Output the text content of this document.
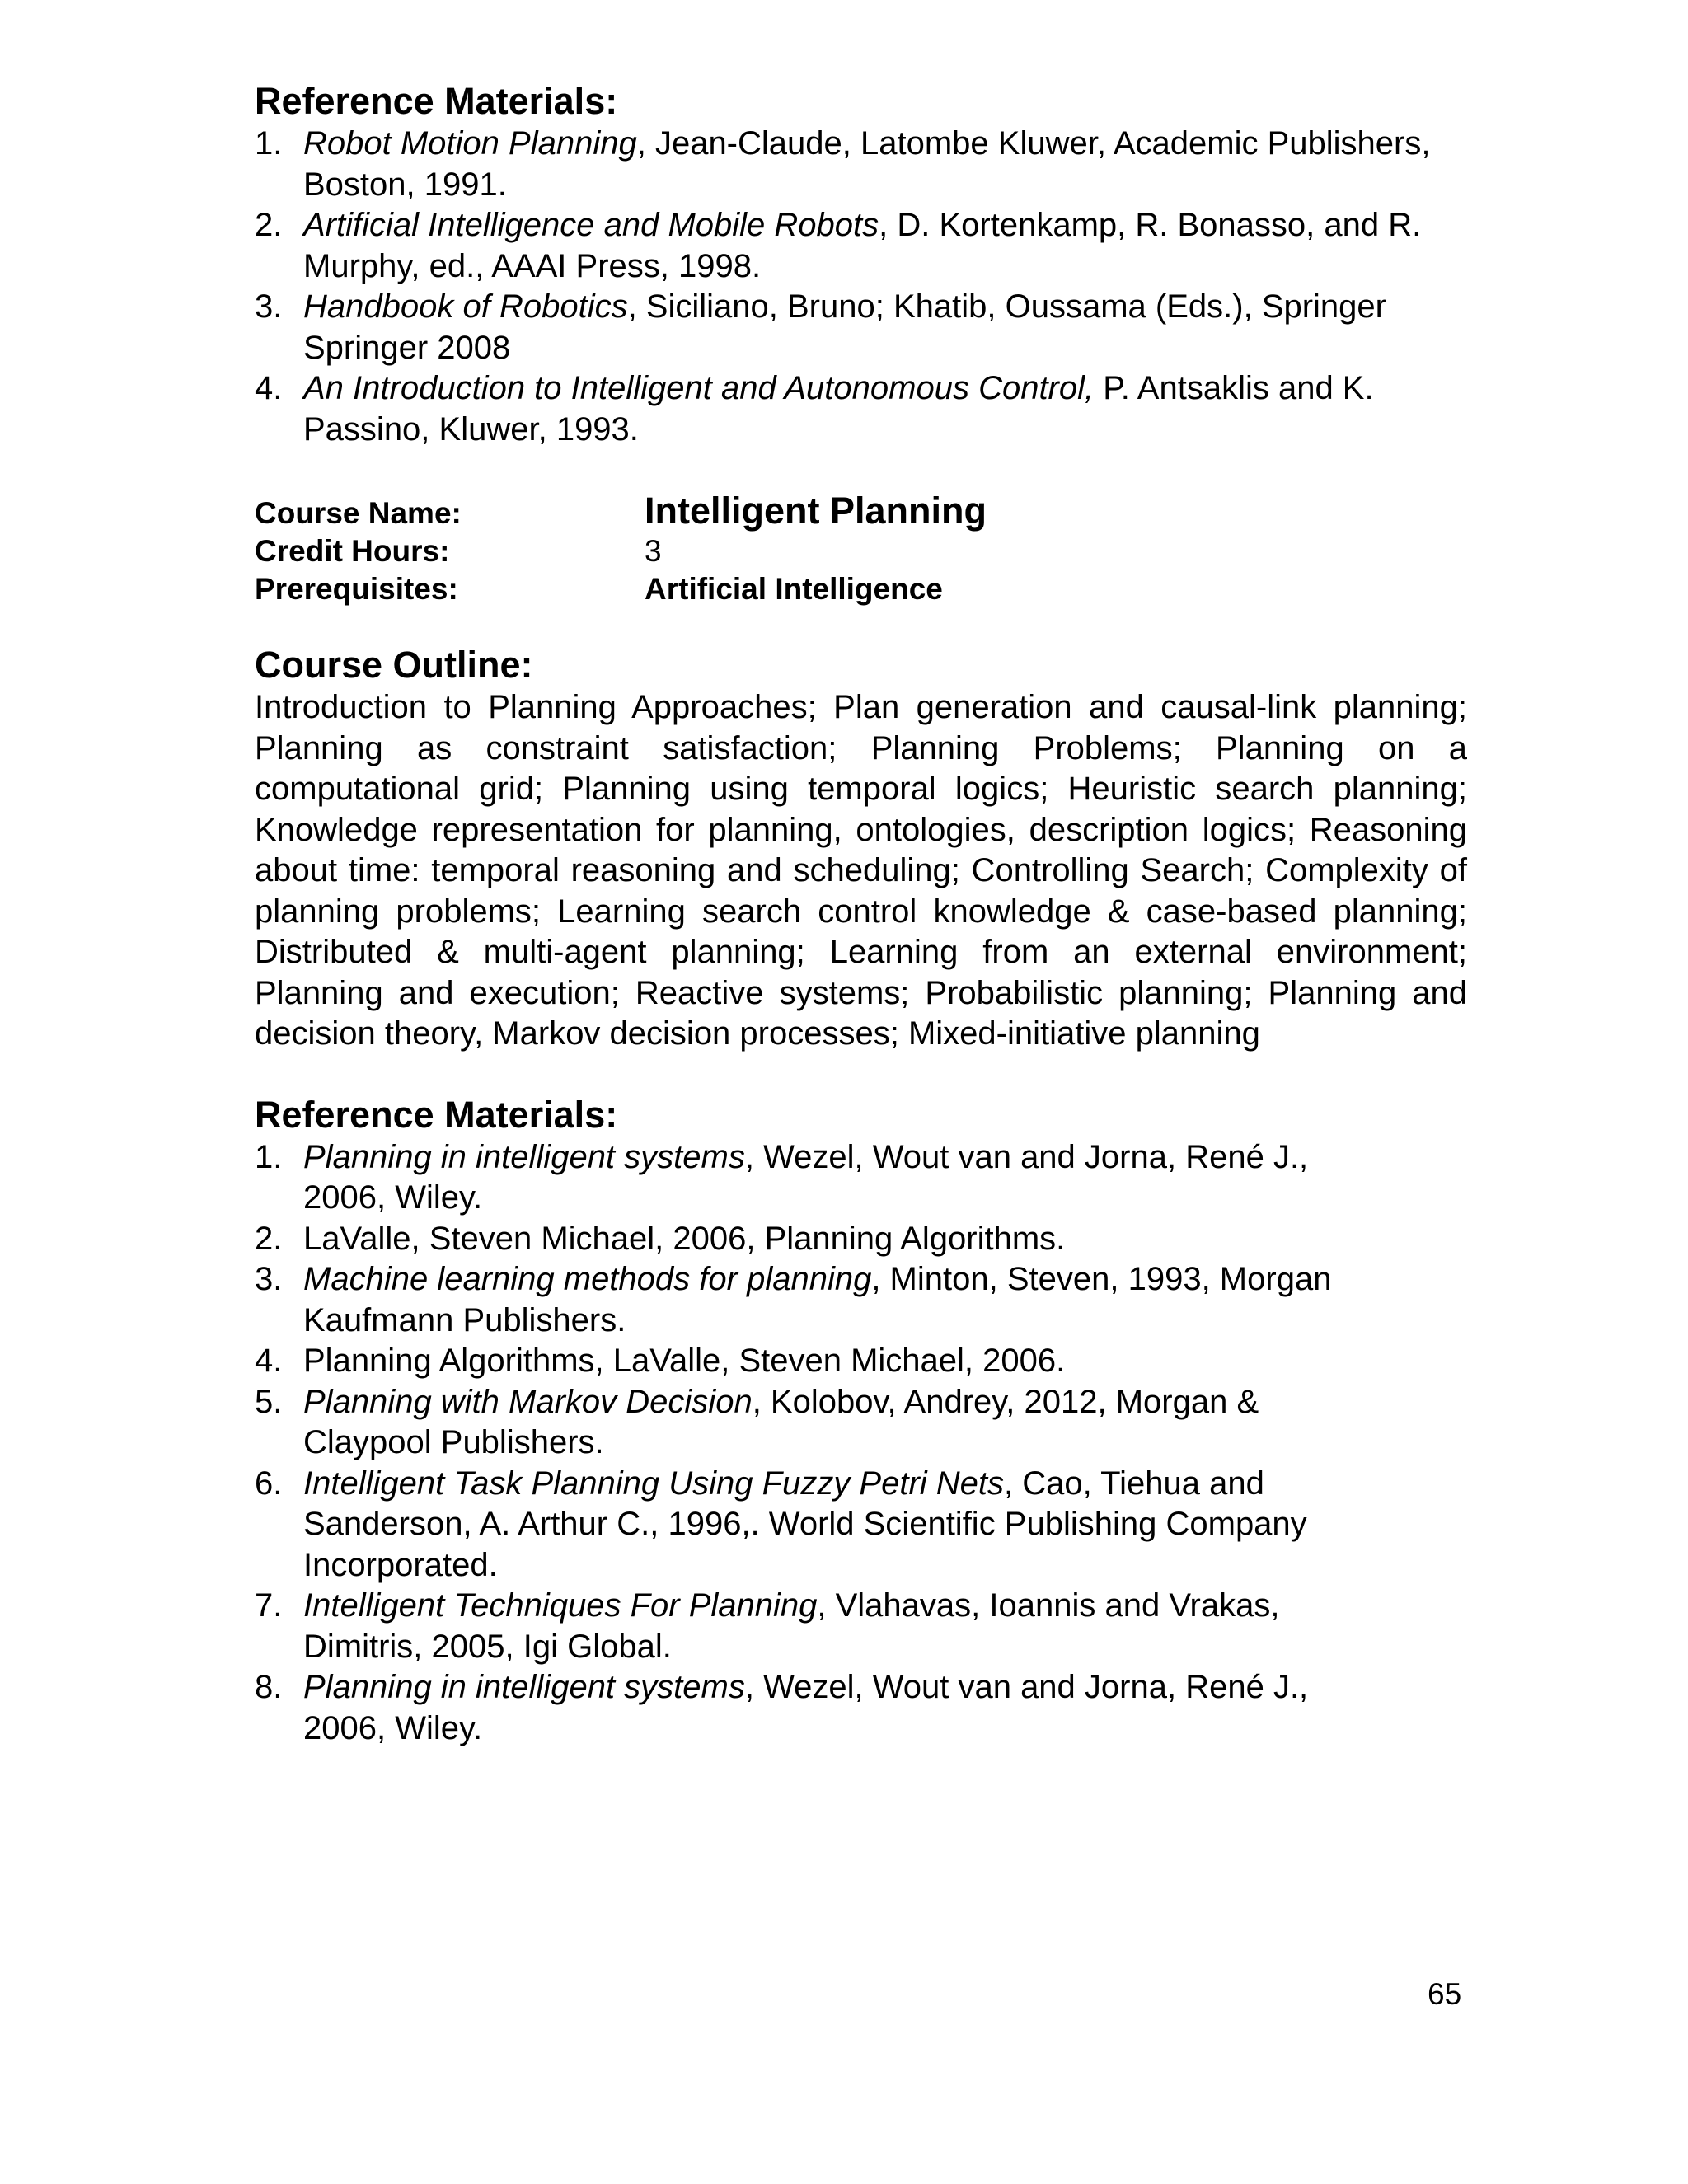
Reference Materials:
1. Robot Motion Planning, Jean-Claude, Latombe Kluwer, Academic Publishers, Boston, 1991.
2. Artificial Intelligence and Mobile Robots, D. Kortenkamp, R. Bonasso, and R. Murphy, ed., AAAI Press, 1998.
3. Handbook of Robotics, Siciliano, Bruno; Khatib, Oussama (Eds.), Springer Springer 2008
4. An Introduction to Intelligent and Autonomous Control, P. Antsaklis and K. Passino, Kluwer, 1993.
Course Name:	Intelligent Planning
Credit Hours:	3
Prerequisites:	Artificial Intelligence
Course Outline:

Introduction to Planning Approaches; Plan generation and causal-link planning; Planning as constraint satisfaction; Planning Problems; Planning on a computational grid; Planning using temporal logics; Heuristic search planning; Knowledge representation for planning, ontologies, description logics; Reasoning about time: temporal reasoning and scheduling; Controlling Search; Complexity of planning problems; Learning search control knowledge & case-based planning; Distributed & multi-agent planning; Learning from an external environment; Planning and execution; Reactive systems; Probabilistic planning; Planning and decision theory, Markov decision processes; Mixed-initiative planning

Reference Materials:
1. Planning in intelligent systems, Wezel, Wout van and Jorna, René J., 2006, Wiley.
2. LaValle, Steven Michael, 2006, Planning Algorithms.
3. Machine learning methods for planning, Minton, Steven, 1993, Morgan Kaufmann Publishers.
4. Planning Algorithms, LaValle, Steven Michael, 2006.
5. Planning with Markov Decision, Kolobov, Andrey, 2012, Morgan & Claypool Publishers.
6. Intelligent Task Planning Using Fuzzy Petri Nets, Cao, Tiehua and Sanderson, A. Arthur C., 1996,. World Scientific Publishing Company Incorporated.
7. Intelligent Techniques For Planning, Vlahavas, Ioannis and Vrakas, Dimitris, 2005, Igi Global.
8. Planning in intelligent systems, Wezel, Wout van and Jorna, René J., 2006, Wiley.
65
